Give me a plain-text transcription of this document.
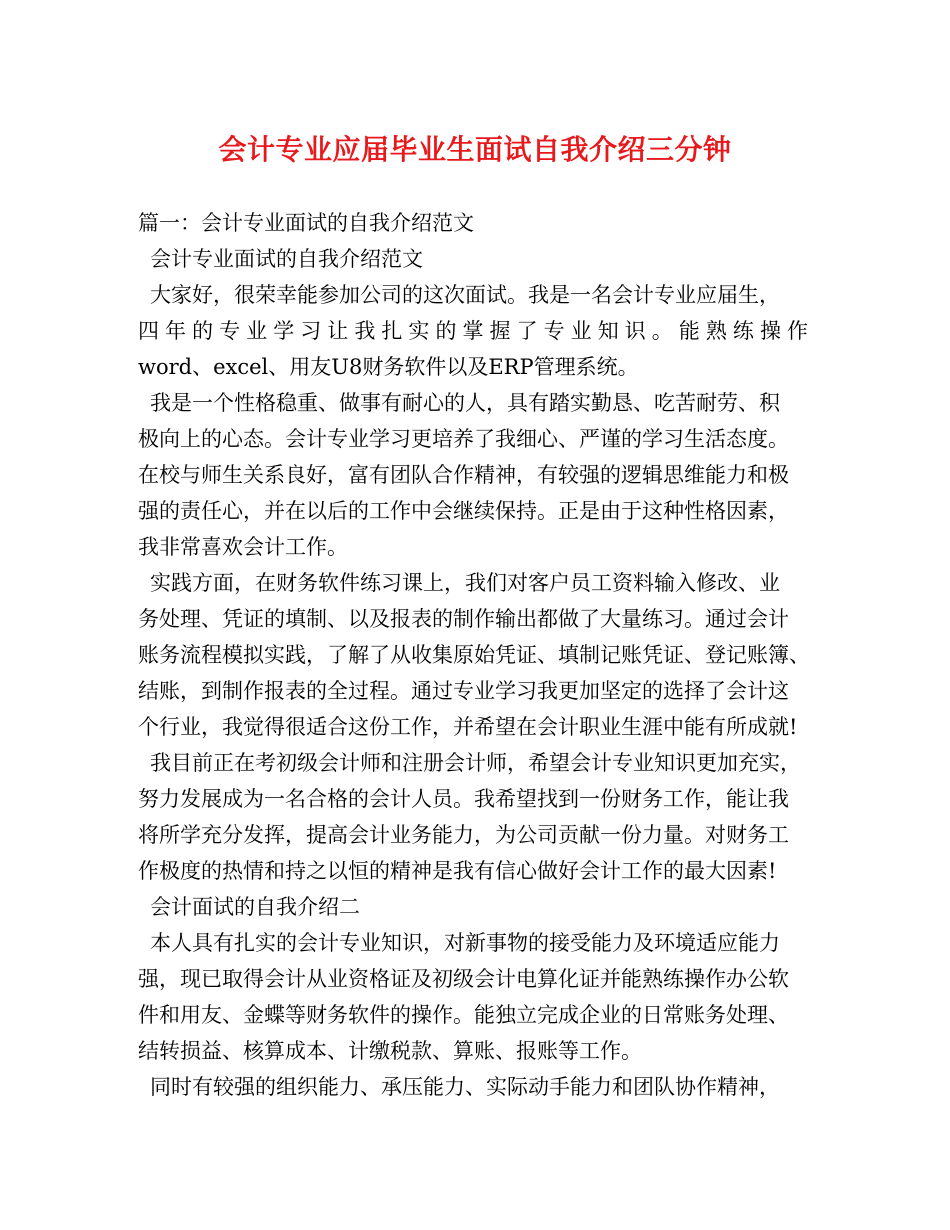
会计专业应届毕业生面试自我介绍三分钟
篇一：会计专业面试的自我介绍范文
会计专业面试的自我介绍范文
大家好，很荣幸能参加公司的这次面试。我是一名会计专业应届生，
四年的专业学习让我扎实的掌握了专业知识。能熟练操作
word、excel、用友U8财务软件以及ERP管理系统。
我是一个性格稳重、做事有耐心的人，具有踏实勤恳、吃苦耐劳、积
极向上的心态。会计专业学习更培养了我细心、严谨的学习生活态度。
在校与师生关系良好，富有团队合作精神，有较强的逻辑思维能力和极
强的责任心，并在以后的工作中会继续保持。正是由于这种性格因素，
我非常喜欢会计工作。
实践方面，在财务软件练习课上，我们对客户员工资料输入修改、业
务处理、凭证的填制、以及报表的制作输出都做了大量练习。通过会计
账务流程模拟实践，了解了从收集原始凭证、填制记账凭证、登记账簿、
结账，到制作报表的全过程。通过专业学习我更加坚定的选择了会计这
个行业，我觉得很适合这份工作，并希望在会计职业生涯中能有所成就!
我目前正在考初级会计师和注册会计师，希望会计专业知识更加充实，
努力发展成为一名合格的会计人员。我希望找到一份财务工作，能让我
将所学充分发挥，提高会计业务能力，为公司贡献一份力量。对财务工
作极度的热情和持之以恒的精神是我有信心做好会计工作的最大因素!
会计面试的自我介绍二
本人具有扎实的会计专业知识，对新事物的接受能力及环境适应能力
强，现已取得会计从业资格证及初级会计电算化证并能熟练操作办公软
件和用友、金蝶等财务软件的操作。能独立完成企业的日常账务处理、
结转损益、核算成本、计缴税款、算账、报账等工作。
同时有较强的组织能力、承压能力、实际动手能力和团队协作精神，
